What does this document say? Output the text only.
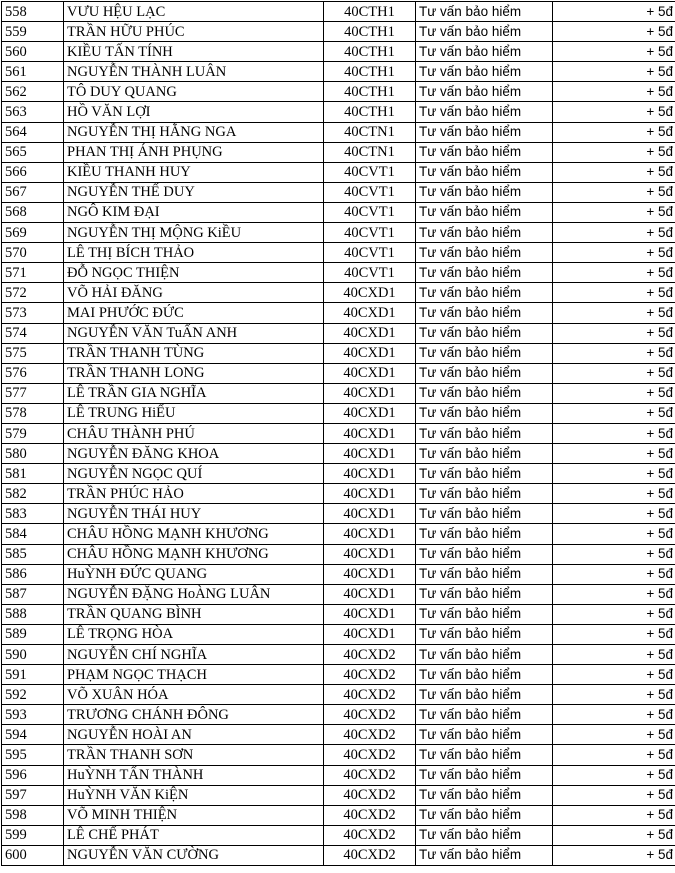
558	VƯU HỆU LẠC	40CTH1	Tư vấn bảo hiểm	+ 5đ
559	TRẦN HỮU PHÚC	40CTH1	Tư vấn bảo hiểm	+ 5đ
560	KIỀU TẤN TÍNH	40CTH1	Tư vấn bảo hiểm	+ 5đ
561	NGUYỄN THÀNH LUÂN	40CTH1	Tư vấn bảo hiểm	+ 5đ
562	TÔ DUY QUANG	40CTH1	Tư vấn bảo hiểm	+ 5đ
563	HỒ VĂN LỢI	40CTH1	Tư vấn bảo hiểm	+ 5đ
564	NGUYỄN THỊ HẰNG NGA	40CTN1	Tư vấn bảo hiểm	+ 5đ
565	PHAN THỊ ÁNH PHỤNG	40CTN1	Tư vấn bảo hiểm	+ 5đ
566	KIỀU THANH HUY	40CVT1	Tư vấn bảo hiểm	+ 5đ
567	NGUYỄN THẾ DUY	40CVT1	Tư vấn bảo hiểm	+ 5đ
568	NGÔ KIM ĐẠI	40CVT1	Tư vấn bảo hiểm	+ 5đ
569	NGUYỄN THỊ MỘNG KiỀU	40CVT1	Tư vấn bảo hiểm	+ 5đ
570	LÊ THỊ BÍCH THẢO	40CVT1	Tư vấn bảo hiểm	+ 5đ
571	ĐỖ NGỌC THIỆN	40CVT1	Tư vấn bảo hiểm	+ 5đ
572	VÕ HẢI ĐĂNG	40CXD1	Tư vấn bảo hiểm	+ 5đ
573	MAI PHƯỚC ĐỨC	40CXD1	Tư vấn bảo hiểm	+ 5đ
574	NGUYỄN VĂN TuẤN ANH	40CXD1	Tư vấn bảo hiểm	+ 5đ
575	TRẦN THANH TÙNG	40CXD1	Tư vấn bảo hiểm	+ 5đ
576	TRẦN THANH LONG	40CXD1	Tư vấn bảo hiểm	+ 5đ
577	LÊ TRẦN GIA NGHĨA	40CXD1	Tư vấn bảo hiểm	+ 5đ
578	LÊ TRUNG HiẾU	40CXD1	Tư vấn bảo hiểm	+ 5đ
579	CHÂU THÀNH PHÚ	40CXD1	Tư vấn bảo hiểm	+ 5đ
580	NGUYỄN ĐĂNG KHOA	40CXD1	Tư vấn bảo hiểm	+ 5đ
581	NGUYỄN NGỌC QUÍ	40CXD1	Tư vấn bảo hiểm	+ 5đ
582	TRẦN PHÚC HẢO	40CXD1	Tư vấn bảo hiểm	+ 5đ
583	NGUYỄN THÁI HUY	40CXD1	Tư vấn bảo hiểm	+ 5đ
584	CHÂU HỒNG MẠNH KHƯƠNG	40CXD1	Tư vấn bảo hiểm	+ 5đ
585	CHÂU HỒNG MẠNH KHƯƠNG	40CXD1	Tư vấn bảo hiểm	+ 5đ
586	HuỲNH ĐỨC QUANG	40CXD1	Tư vấn bảo hiểm	+ 5đ
587	NGUYỄN ĐẶNG HoÀNG LUÂN	40CXD1	Tư vấn bảo hiểm	+ 5đ
588	TRẦN QUANG BÌNH	40CXD1	Tư vấn bảo hiểm	+ 5đ
589	LÊ TRỌNG HÒA	40CXD1	Tư vấn bảo hiểm	+ 5đ
590	NGUYỄN CHÍ NGHĨA	40CXD2	Tư vấn bảo hiểm	+ 5đ
591	PHẠM NGỌC THẠCH	40CXD2	Tư vấn bảo hiểm	+ 5đ
592	VÕ XUÂN HÓA	40CXD2	Tư vấn bảo hiểm	+ 5đ
593	TRƯƠNG CHÁNH ĐÔNG	40CXD2	Tư vấn bảo hiểm	+ 5đ
594	NGUYỄN HOÀI AN	40CXD2	Tư vấn bảo hiểm	+ 5đ
595	TRẦN THANH SƠN	40CXD2	Tư vấn bảo hiểm	+ 5đ
596	HuỲNH TẤN THÀNH	40CXD2	Tư vấn bảo hiểm	+ 5đ
597	HuỲNH VĂN KiỆN	40CXD2	Tư vấn bảo hiểm	+ 5đ
598	VÕ MINH THIỆN	40CXD2	Tư vấn bảo hiểm	+ 5đ
599	LÊ CHẾ PHÁT	40CXD2	Tư vấn bảo hiểm	+ 5đ
600	NGUYỄN VĂN CƯỜNG	40CXD2	Tư vấn bảo hiểm	+ 5đ
